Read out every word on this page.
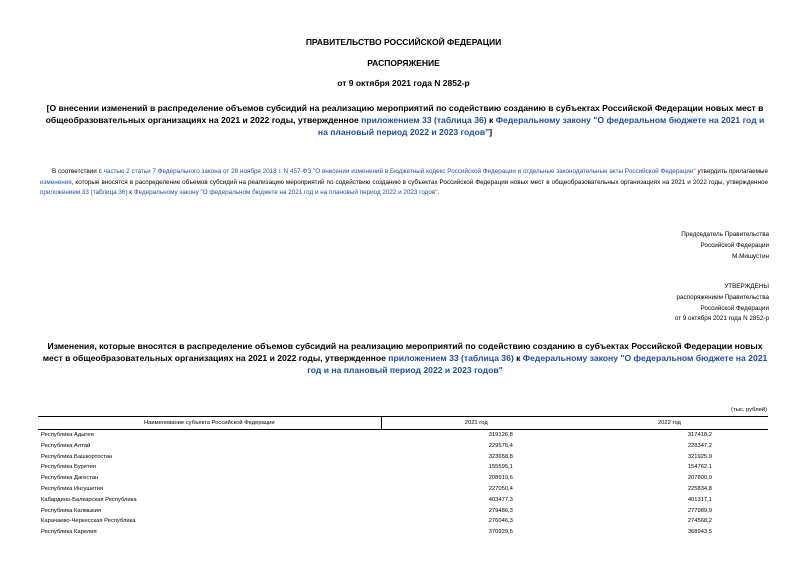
ПРАВИТЕЛЬСТВО РОССИЙСКОЙ ФЕДЕРАЦИИ
РАСПОРЯЖЕНИЕ
от 9 октября 2021 года N 2852-р
[О внесении изменений в распределение объемов субсидий на реализацию мероприятий по содействию созданию в субъектах Российской Федерации новых мест в общеобразовательных организациях на 2021 и 2022 годы, утвержденное приложением 33 (таблица 36) к Федеральному закону "О федеральном бюджете на 2021 год и на плановый период 2022 и 2023 годов"]
В соответствии с частью 2 статьи 7 Федерального закона от 28 ноября 2018 г. N 457-ФЗ "О внесении изменений в Бюджетный кодекс Российской Федерации и отдельные законодательные акты Российской Федерации" утвердить прилагаемые изменения, которые вносятся в распределение объемов субсидий на реализацию мероприятий по содействию созданию в субъектах Российской Федерации новых мест в общеобразовательных организациях на 2021 и 2022 годы, утвержденное приложением 33 (таблица 36) к Федеральному закону "О федеральном бюджете на 2021 год и на плановый период 2022 и 2023 годов".
Председатель Правительства
Российской Федерации
М.Мишустин
УТВЕРЖДЕНЫ
распоряжением Правительства
Российской Федерации
от 9 октября 2021 года N 2852-р
Изменения, которые вносятся в распределение объемов субсидий на реализацию мероприятий по содействию созданию в субъектах Российской Федерации новых мест в общеобразовательных организациях на 2021 и 2022 годы, утвержденное приложением 33 (таблица 36) к Федеральному закону "О федеральном бюджете на 2021 год и на плановый период 2022 и 2023 годов"
(тыс. рублей)
Наименование субъекта Российской Федерации	2021 год	2022 год
Республика Адыгея	319126,8	317418,2
Республика Алтай	229576,4	228347,2
Республика Башкортостан	323658,8	321925,9
Республика Бурятия	155595,1	154762,1
Республика Дагестан	208919,6	207800,9
Республика Ингушетия	227050,4	225834,8
Кабардино-Балкарская Республика	403477,3	401317,1
Республика Калмыкия	279486,3	277989,9
Карачаево-Черкесская Республика	276046,3	274568,2
Республика Карелия	370929,5	368943,5
